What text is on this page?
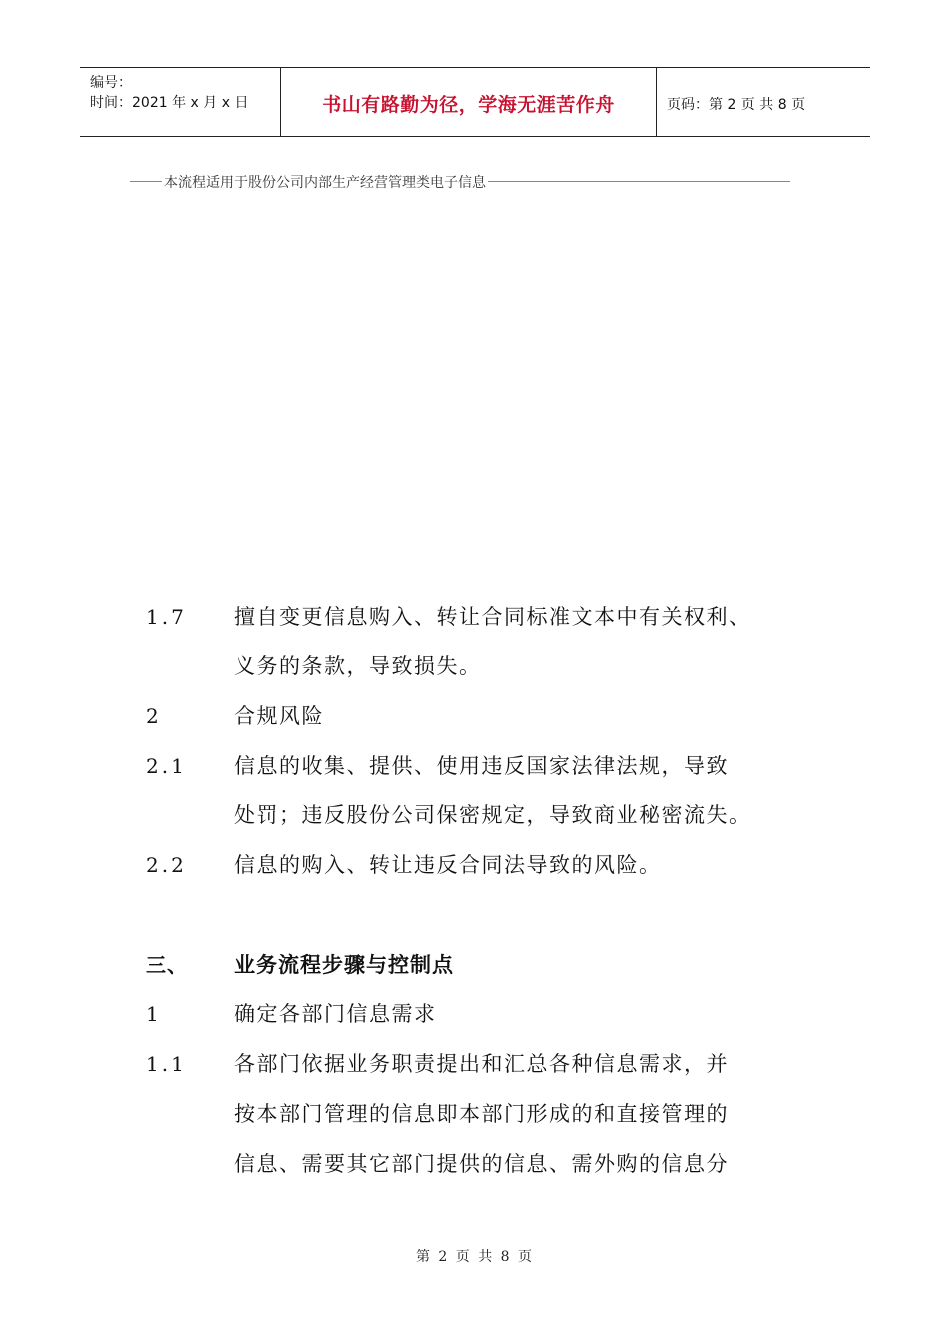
编号：
时间：2021 年 x 月 x 日	书山有路勤为径，学海无涯苦作舟	页码：第 2 页 共 8 页
本流程适用于股份公司内部生产经营管理类电子信息
1.7 擅自变更信息购入、转让合同标准文本中有关权利、
义务的条款，导致损失。
2	合规风险
2.1 信息的收集、提供、使用违反国家法律法规，导致
处罚；违反股份公司保密规定，导致商业秘密流失。
2.2 信息的购入、转让违反合同法导致的风险。
三、 业务流程步骤与控制点
1	确定各部门信息需求
1.1 各部门依据业务职责提出和汇总各种信息需求，并
按本部门管理的信息即本部门形成的和直接管理的
信息、需要其它部门提供的信息、需外购的信息分
第 2 页 共 8 页
